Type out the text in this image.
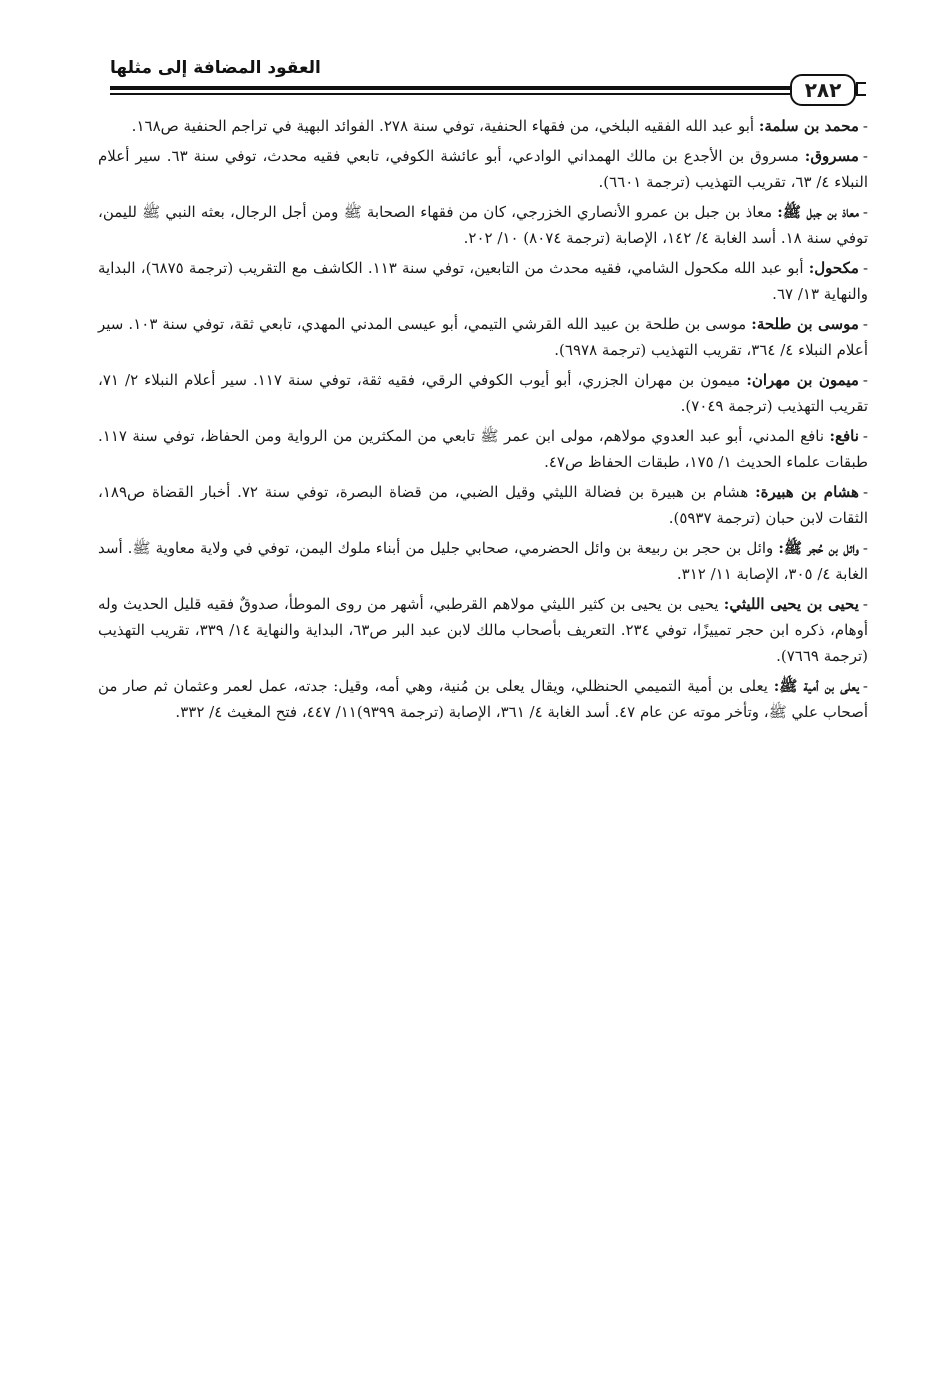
العقود المضافة إلى مثلها
٢٨٢

-محمد بن سلمة: أبو عبد الله الفقيه البلخي، من فقهاء الحنفية، توفي سنة ٢٧٨. الفوائد البهية في تراجم الحنفية ص١٦٨.

-مسروق: مسروق بن الأجدع بن مالك الهمداني الوادعي، أبو عائشة الكوفي، تابعي فقيه محدث، توفي سنة ٦٣. سير أعلام النبلاء ٤/ ٦٣، تقريب التهذيب (ترجمة ٦٦٠١).

-معاذ بن جبل ﷺ: معاذ بن جبل بن عمرو الأنصاري الخزرجي، كان من فقهاء الصحابة ﷺ ومن أجل الرجال، بعثه النبي ﷺ لليمن، توفي سنة ١٨. أسد الغابة ٤/ ١٤٢، الإصابة (ترجمة ٨٠٧٤) ١٠/ ٢٠٢.

-مكحول: أبو عبد الله مكحول الشامي، فقيه محدث من التابعين، توفي سنة ١١٣. الكاشف مع التقريب (ترجمة ٦٨٧٥)، البداية والنهاية ١٣/ ٦٧.

-موسى بن طلحة: موسى بن طلحة بن عبيد الله القرشي التيمي، أبو عيسى المدني المهدي، تابعي ثقة، توفي سنة ١٠٣. سير أعلام النبلاء ٤/ ٣٦٤، تقريب التهذيب (ترجمة ٦٩٧٨).

-ميمون بن مهران: ميمون بن مهران الجزري، أبو أيوب الكوفي الرقي، فقيه ثقة، توفي سنة ١١٧. سير أعلام النبلاء ٢/ ٧١، تقريب التهذيب (ترجمة ٧٠٤٩).

-نافع: نافع المدني، أبو عبد العدوي مولاهم، مولى ابن عمر ﷺ تابعي من المكثرين من الرواية ومن الحفاظ، توفي سنة ١١٧. طبقات علماء الحديث ١/ ١٧٥، طبقات الحفاظ ص٤٧.

-هشام بن هبيرة: هشام بن هبيرة بن فضالة الليثي وقيل الضبي، من قضاة البصرة، توفي سنة ٧٢. أخبار القضاة ص١٨٩، الثقات لابن حبان (ترجمة ٥٩٣٧).

-وائل بن حُجر ﷺ: وائل بن حجر بن ربيعة بن وائل الحضرمي، صحابي جليل من أبناء ملوك اليمن، توفي في ولاية معاوية ﷺ. أسد الغابة ٤/ ٣٠٥، الإصابة ١١/ ٣١٢.

-يحيى بن يحيى الليثي: يحيى بن يحيى بن كثير الليثي مولاهم القرطبي، أشهر من روى الموطأ، صدوقٌ فقيه قليل الحديث وله أوهام، ذكره ابن حجر تمييزًا، توفي ٢٣٤. التعريف بأصحاب مالك لابن عبد البر ص٦٣، البداية والنهاية ١٤/ ٣٣٩، تقريب التهذيب (ترجمة ٧٦٦٩).

-يعلى بن أمية ﷺ: يعلى بن أمية التميمي الحنظلي، ويقال يعلى بن مُنية، وهي أمه، وقيل: جدته، عمل لعمر وعثمان ثم صار من أصحاب علي ﷺ، وتأخر موته عن عام ٤٧. أسد الغابة ٤/ ٣٦١، الإصابة (ترجمة ٩٣٩٩)١١/ ٤٤٧، فتح المغيث ٤/ ٣٣٢.
